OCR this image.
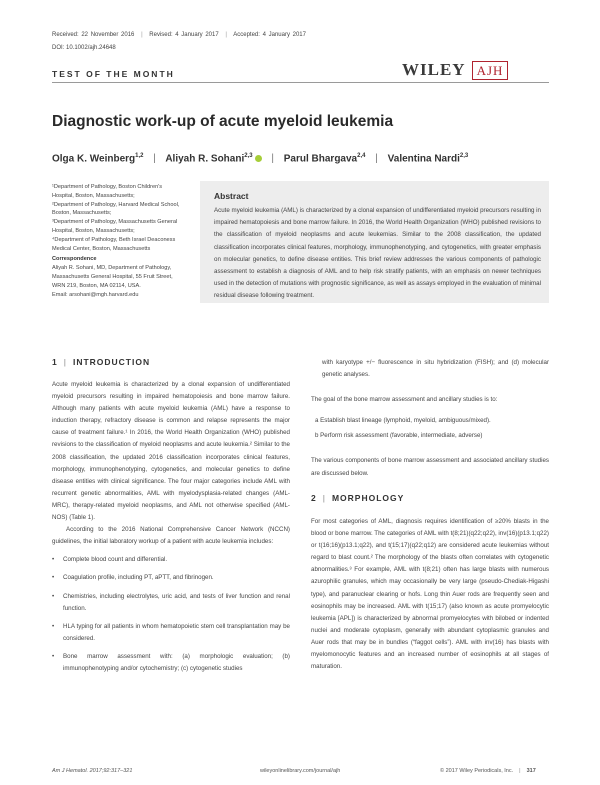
Received: 22 November 2016 | Revised: 4 January 2017 | Accepted: 4 January 2017
DOI: 10.1002/ajh.24648
TEST OF THE MONTH	WILEY AJH
Diagnostic work-up of acute myeloid leukemia
Olga K. Weinberg$^{1,2}$ | Aliyah R. Sohani$^{2,3}$ | Parul Bhargava$^{2,4}$ | Valentina Nardi$^{2,3}$

¹Department of Pathology, Boston Children's Hospital, Boston, Massachusetts;

²Department of Pathology, Harvard Medical School, Boston, Massachusetts;

³Department of Pathology, Massachusetts General Hospital, Boston, Massachusetts;

⁴Department of Pathology, Beth Israel Deaconess Medical Center, Boston, Massachusetts

Correspondence

Aliyah R. Sohani, MD, Department of Pathology, Massachusetts General Hospital, 55 Fruit Street, WRN 219, Boston, MA 02114, USA.

Email: arsohani@mgh.harvard.edu

Abstract
Acute myeloid leukemia (AML) is characterized by a clonal expansion of undifferentiated myeloid precursors resulting in impaired hematopoiesis and bone marrow failure. In 2016, the World Health Organization (WHO) published revisions to the classification of myeloid neoplasms and acute leukemias. Similar to the 2008 classification, the updated classification incorporates clinical features, morphology, immunophenotyping, and cytogenetics, with greater emphasis on molecular genetics, to define disease entities. This brief review addresses the various components of pathologic assessment to establish a diagnosis of AML and to help risk stratify patients, with an emphasis on newer techniques used in the detection of mutations with prognostic significance, as well as assays employed in the evaluation of minimal residual disease following treatment.
1 | INTRODUCTION

Acute myeloid leukemia is characterized by a clonal expansion of undifferentiated myeloid precursors resulting in impaired hematopoiesis and bone marrow failure. Although many patients with acute myeloid leukemia (AML) have a response to induction therapy, refractory disease is common and relapse represents the major cause of treatment failure.¹ In 2016, the World Health Organization (WHO) published revisions to the classification of myeloid neoplasms and acute leukemia.² Similar to the 2008 classification, the updated 2016 classification incorporates clinical features, morphology, immunophenotyping, cytogenetics, and molecular genetics to define disease entities with clinical significance. The four major categories include AML with recurrent genetic abnormalities, AML with myelodysplasia-related changes (AML-MRC), therapy-related myeloid neoplasms, and AML not otherwise specified (AML-NOS) (Table 1).

According to the 2016 National Comprehensive Cancer Network (NCCN) guidelines, the initial laboratory workup of a patient with acute leukemia includes:

• Complete blood count and differential.

• Coagulation profile, including PT, aPTT, and fibrinogen.

• Chemistries, including electrolytes, uric acid, and tests of liver function and renal function.

• HLA typing for all patients in whom hematopoietic stem cell transplantation may be considered.

• Bone marrow assessment with: (a) morphologic evaluation; (b) immunophenotyping and/or cytochemistry; (c) cytogenetic studies

with karyotype +/− fluorescence in situ hybridization (FISH); and (d) molecular genetic analyses.

The goal of the bone marrow assessment and ancillary studies is to:

a Establish blast lineage (lymphoid, myeloid, ambiguous/mixed).

b Perform risk assessment (favorable, intermediate, adverse)

The various components of bone marrow assessment and associated ancillary studies are discussed below.

2 | MORPHOLOGY

For most categories of AML, diagnosis requires identification of ≥20% blasts in the blood or bone marrow. The categories of AML with t(8;21)(q22;q22), inv(16)(p13.1;q22) or t(16;16)(p13.1;q22), and t(15;17)(q22;q12) are considered acute leukemias without regard to blast count.² The morphology of the blasts often correlates with cytogenetic abnormalities.³ For example, AML with t(8;21) often has large blasts with numerous azurophilic granules, which may occasionally be very large (pseudo-Chediak-Higashi type), and paranuclear clearing or hofs. Long thin Auer rods are frequently seen and eosinophils may be increased. AML with t(15;17) (also known as acute promyelocytic leukemia [APL]) is characterized by abnormal promyelocytes with bilobed or indented nuclei and moderate cytoplasm, generally with abundant cytoplasmic granules and Auer rods that may be in bundles (“faggot cells”). AML with inv(16) has blasts with myelomonocytic features and an increased number of eosinophils at all stages of maturation.

Am J Hematol. 2017;92:317–321	wileyonlinelibrary.com/journal/ajh	© 2017 Wiley Periodicals, Inc. | 317
